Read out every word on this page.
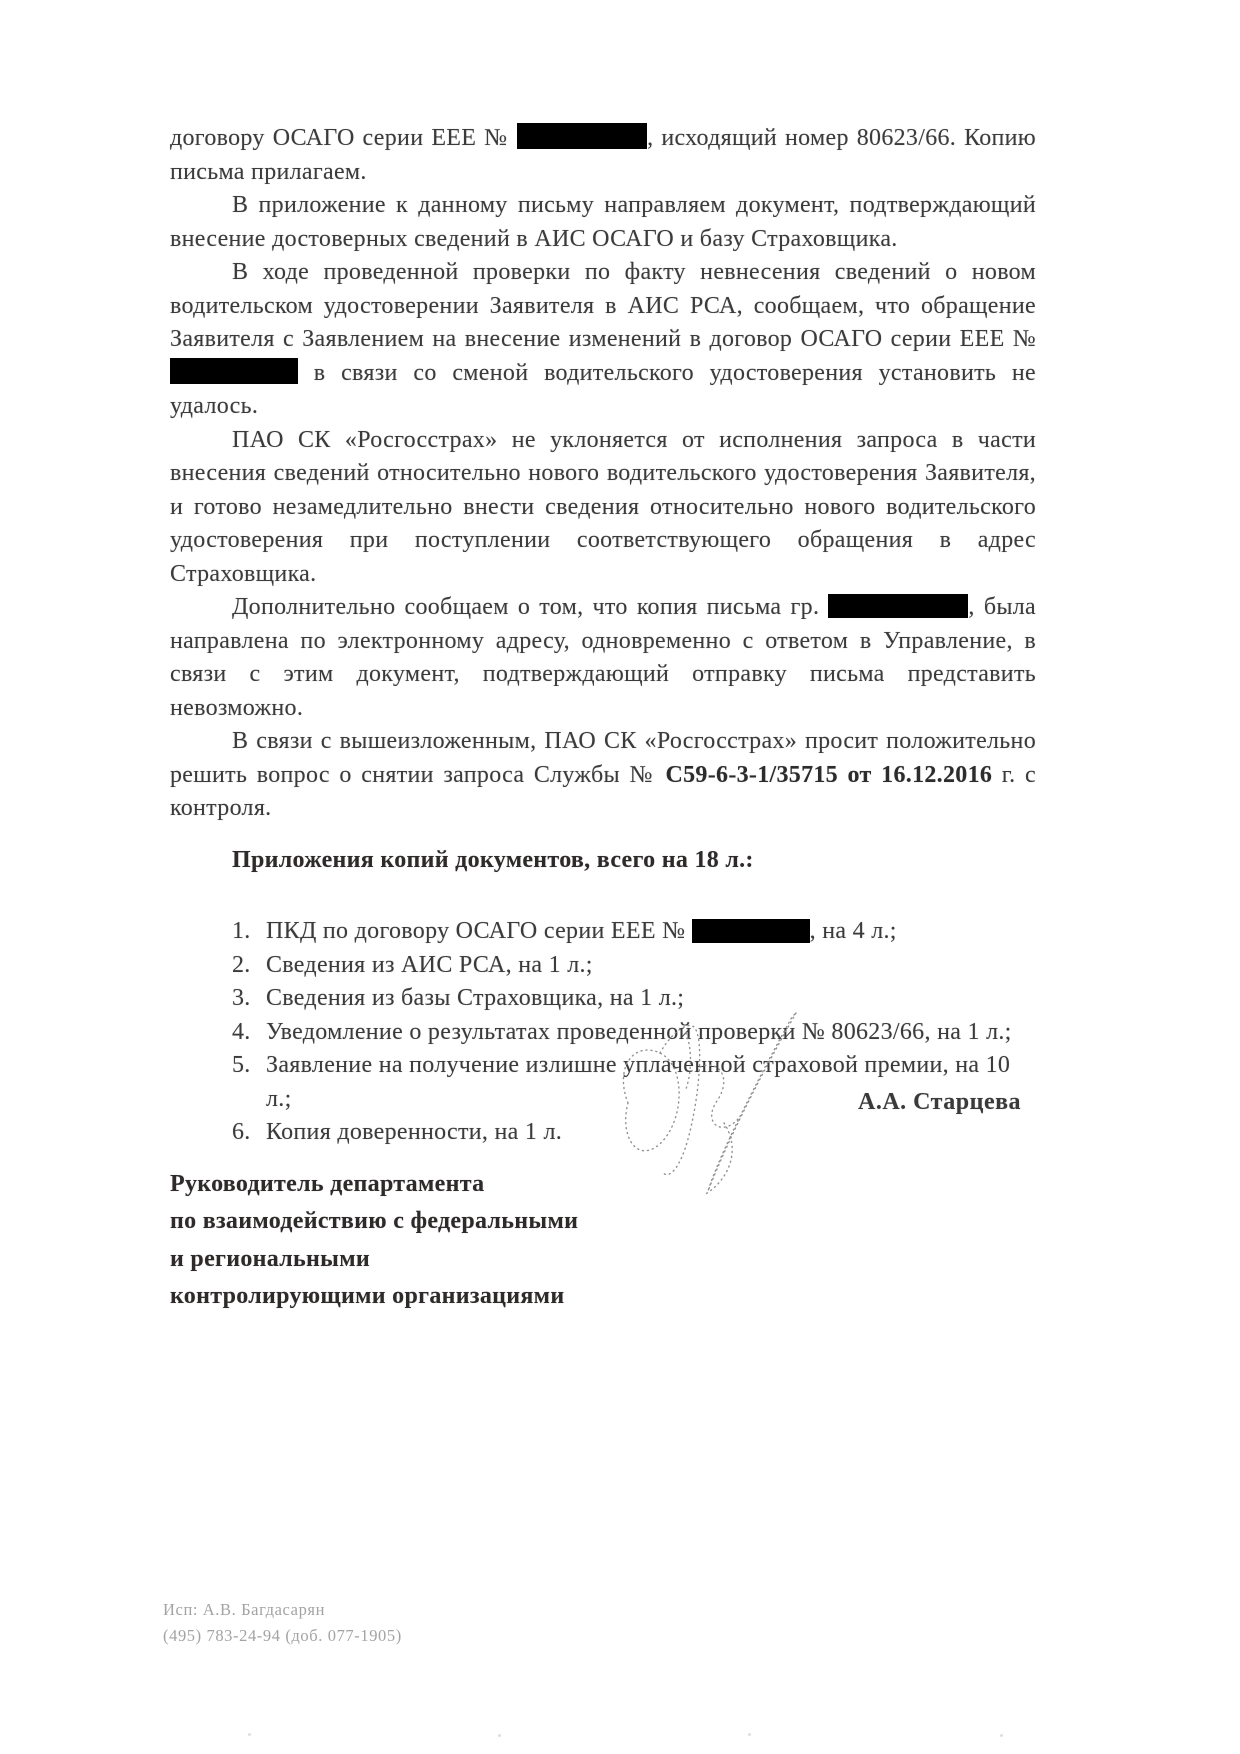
договору ОСАГО серии ЕЕЕ №	, исходящий номер 80623/66. Копию письма прилагаем.

В приложение к данному письму направляем документ, подтверждающий внесение достоверных сведений в АИС ОСАГО и базу Страховщика.

В ходе проведенной проверки по факту невнесения сведений о новом водительском удостоверении Заявителя в АИС РСА, сообщаем, что обращение Заявителя с Заявлением на внесение изменений в договор ОСАГО серии ЕЕЕ №  в связи со сменой водительского удостоверения установить не удалось.

ПАО СК «Росгосстрах» не уклоняется от исполнения запроса в части внесения сведений относительно нового водительского удостоверения Заявителя, и готово незамедлительно внести сведения относительно нового водительского удостоверения при поступлении соответствующего обращения в адрес Страховщика.

Дополнительно сообщаем о том, что копия письма гр.	, была направлена по электронному адресу, одновременно с ответом в Управление, в связи с этим документ, подтверждающий отправку письма представить невозможно.

В связи с вышеизложенным, ПАО СК «Росгосстрах» просит положительно решить вопрос о снятии запроса Службы № С59-6-3-1/35715 от 16.12.2016 г. с контроля.

Приложения копий документов, всего на 18 л.:

1. ПКД по договору ОСАГО серии ЕЕЕ №	, на 4 л.;
2. Сведения из АИС РСА, на 1 л.;
3. Сведения из базы Страховщика, на 1 л.;
4. Уведомление о результатах проведенной проверки № 80623/66, на 1 л.;
5. Заявление на получение излишне уплаченной страховой премии, на 10 л.;
6. Копия доверенности, на 1 л.
Руководитель департамента
по взаимодействию с федеральными
и региональными
контролирующими организациями
А.А. Старцева
Исп: А.В. Багдасарян
(495) 783-24-94 (доб. 077-1905)
